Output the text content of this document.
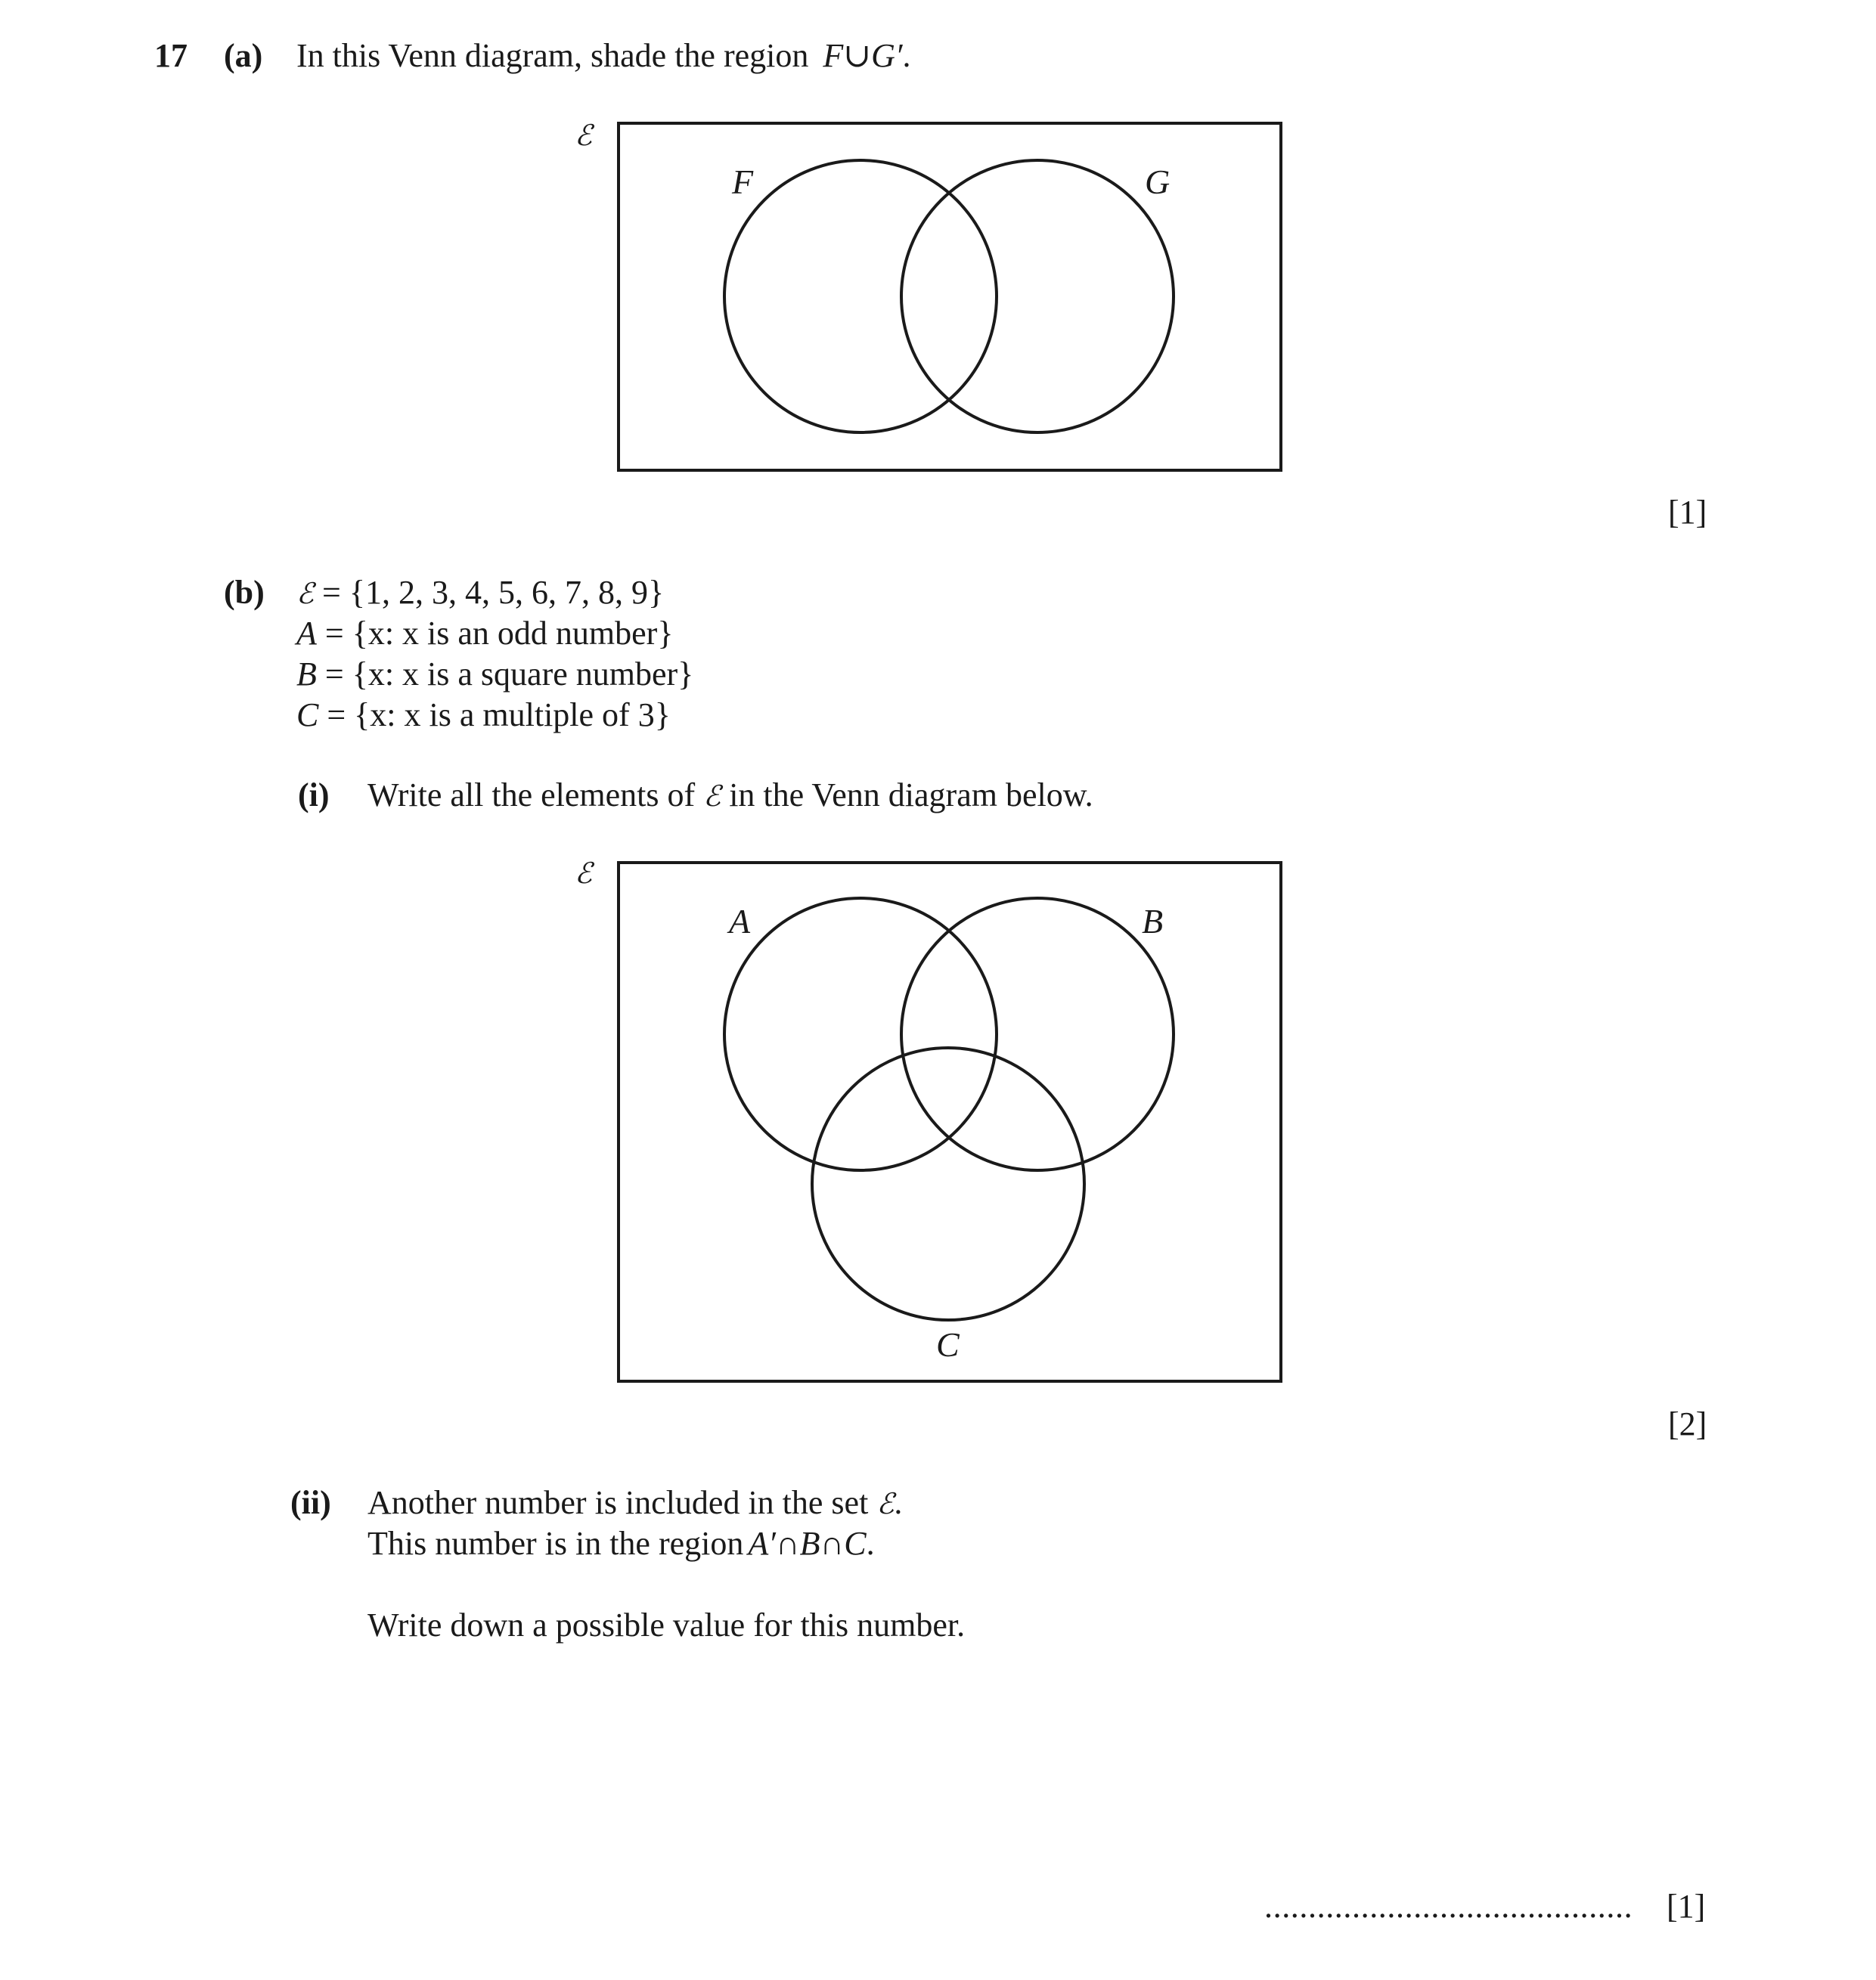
17 (a) In this Venn diagram, shade the region F∪G′.
ℰ
F	G
[1]
(b) ℰ = {1, 2, 3, 4, 5, 6, 7, 8, 9}
A = {x: x is an odd number}
B = {x: x is a square number}
C = {x: x is a multiple of 3}
(i) Write all the elements of ℰ in the Venn diagram below.
ℰ
A	B
C
[2]
(ii) Another number is included in the set ℰ.
This number is in the region A′∩B∩C.
Write down a possible value for this number.
..........................................	[1]
